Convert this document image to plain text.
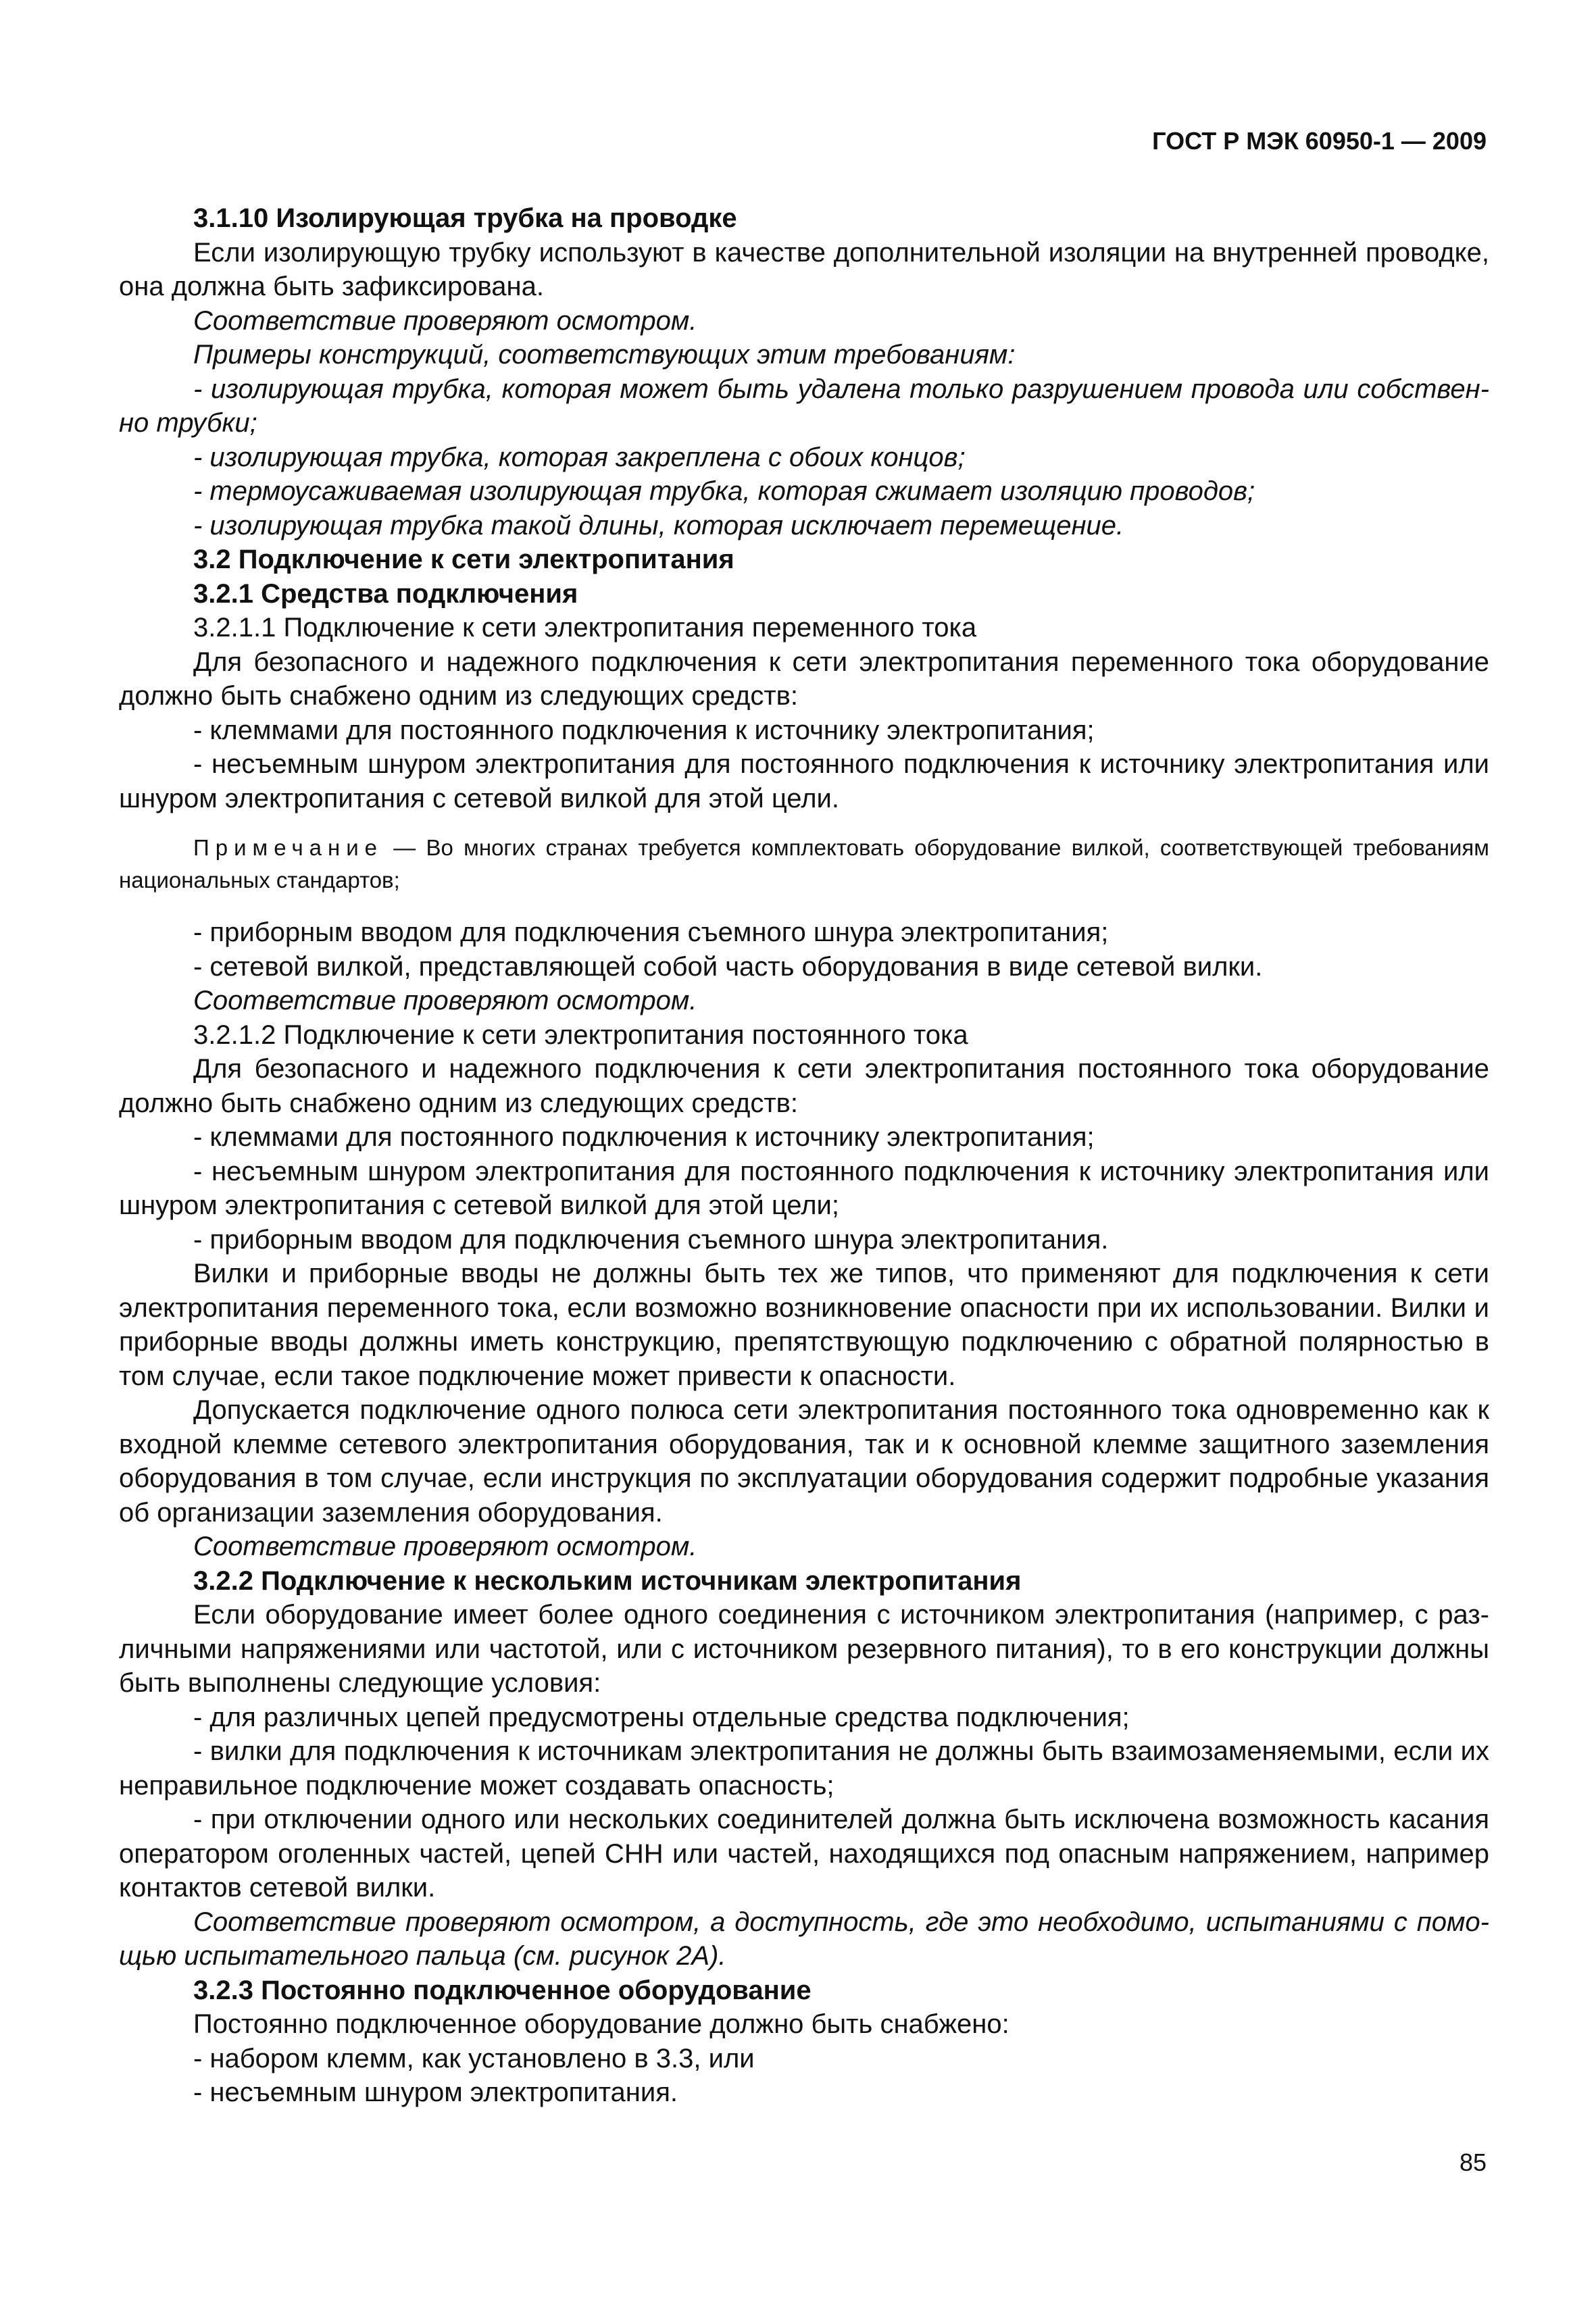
ГОСТ Р МЭК 60950-1 — 2009

3.1.10 Изолирующая трубка на проводке

Если изолирующую трубку используют в качестве дополнительной изоляции на внутренней проводке, она должна быть зафиксирована.

Соответствие проверяют осмотром.

Примеры конструкций, соответствующих этим требованиям:

- изолирующая трубка, которая может быть удалена только разрушением провода или собственно трубки;

- изолирующая трубка, которая закреплена с обоих концов;

- термоусаживаемая изолирующая трубка, которая сжимает изоляцию проводов;

- изолирующая трубка такой длины, которая исключает перемещение.

3.2 Подключение к сети электропитания

3.2.1 Средства подключения

3.2.1.1 Подключение к сети электропитания переменного тока

Для безопасного и надежного подключения к сети электропитания переменного тока оборудование должно быть снабжено одним из следующих средств:

- клеммами для постоянного подключения к источнику электропитания;

- несъемным шнуром электропитания для постоянного подключения к источнику электропитания или шнуром электропитания с сетевой вилкой для этой цели.

Примечание — Во многих странах требуется комплектовать оборудование вилкой, соответствующей требованиям национальных стандартов;

- приборным вводом для подключения съемного шнура электропитания;

- сетевой вилкой, представляющей собой часть оборудования в виде сетевой вилки.

Соответствие проверяют осмотром.

3.2.1.2 Подключение к сети электропитания постоянного тока

Для безопасного и надежного подключения к сети электропитания постоянного тока оборудование должно быть снабжено одним из следующих средств:

- клеммами для постоянного подключения к источнику электропитания;

- несъемным шнуром электропитания для постоянного подключения к источнику электропитания или шнуром электропитания с сетевой вилкой для этой цели;

- приборным вводом для подключения съемного шнура электропитания.

Вилки и приборные вводы не должны быть тех же типов, что применяют для подключения к сети электропитания переменного тока, если возможно возникновение опасности при их использовании. Вилки и приборные вводы должны иметь конструкцию, препятствующую подключению с обратной полярностью в том случае, если такое подключение может привести к опасности.

Допускается подключение одного полюса сети электропитания постоянного тока одновременно как к входной клемме сетевого электропитания оборудования, так и к основной клемме защитного заземления оборудования в том случае, если инструкция по эксплуатации оборудования содержит подробные указания об организации заземления оборудования.

Соответствие проверяют осмотром.

3.2.2 Подключение к нескольким источникам электропитания

Если оборудование имеет более одного соединения с источником электропитания (например, с различными напряжениями или частотой, или с источником резервного питания), то в его конструкции должны быть выполнены следующие условия:

- для различных цепей предусмотрены отдельные средства подключения;

- вилки для подключения к источникам электропитания не должны быть взаимозаменяемыми, если их неправильное подключение может создавать опасность;

- при отключении одного или нескольких соединителей должна быть исключена возможность касания оператором оголенных частей, цепей СНН или частей, находящихся под опасным напряжением, например контактов сетевой вилки.

Соответствие проверяют осмотром, а доступность, где это необходимо, испытаниями с помощью испытательного пальца (см. рисунок 2А).

3.2.3 Постоянно подключенное оборудование

Постоянно подключенное оборудование должно быть снабжено:

- набором клемм, как установлено в 3.3, или

- несъемным шнуром электропитания.

85
